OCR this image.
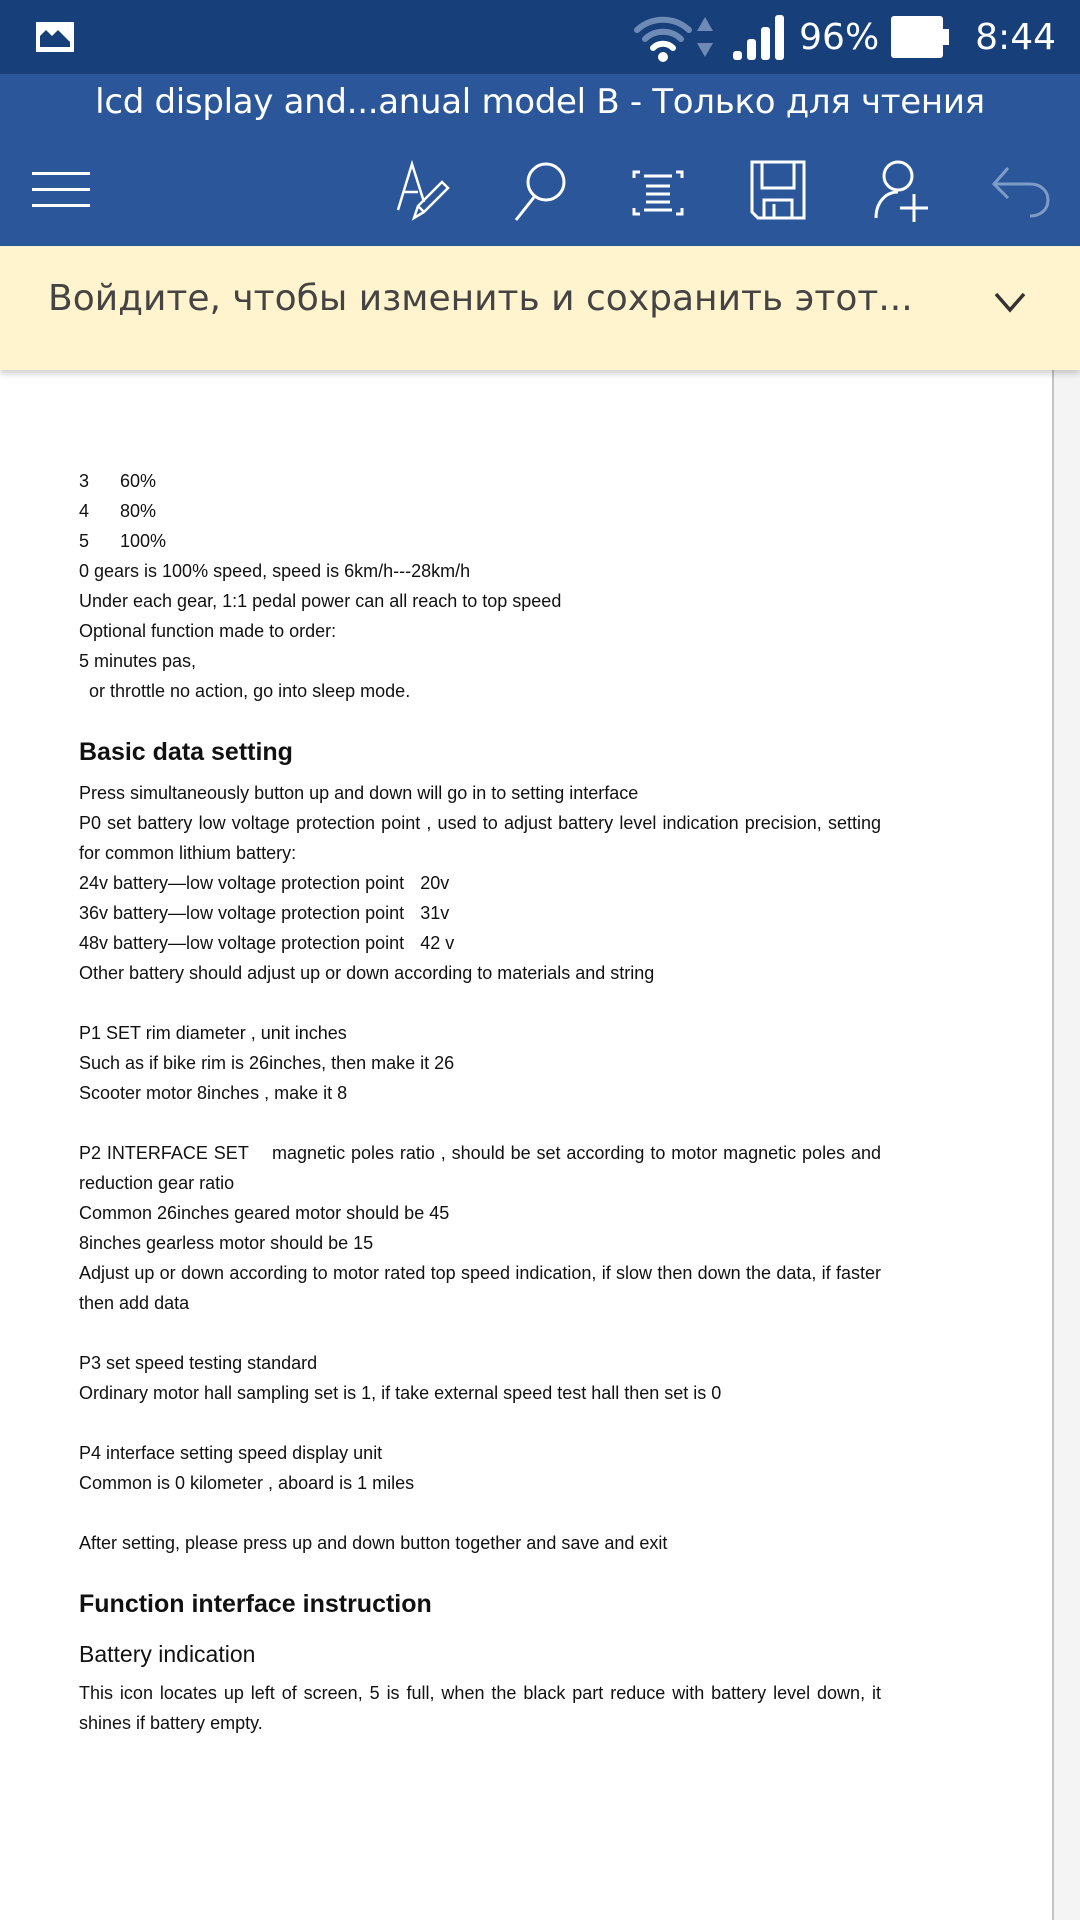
96%	8:44
lcd display and...anual model B - Только для чтения
Войдите, чтобы изменить и сохранить этот...
3	60%
4	80%
5	100%

0 gears is 100% speed, speed is 6km/h---28km/h

Under each gear, 1:1 pedal power can all reach to top speed

Optional function made to order:

5 minutes pas,

or throttle no action, go into sleep mode.

Basic data setting

Press simultaneously button up and down will go in to setting interface

P0 set battery low voltage protection point , used to adjust battery level indication precision, setting for common lithium battery:

24v battery—low voltage protection point 20v
36v battery—low voltage protection point 31v
48v battery—low voltage protection point 42 v

Other battery should adjust up or down according to materials and string

P1 SET rim diameter , unit inches

Such as if bike rim is 26inches, then make it 26

Scooter motor 8inches , make it 8

P2 INTERFACE SET    magnetic poles ratio , should be set according to motor magnetic poles and reduction gear ratio

Common 26inches geared motor should be 45

8inches gearless motor should be 15

Adjust up or down according to motor rated top speed indication, if slow then down the data, if faster then add data

P3 set speed testing standard

Ordinary motor hall sampling set is 1, if take external speed test hall then set is 0

P4 interface setting speed display unit

Common is 0 kilometer , aboard is 1 miles

After setting, please press up and down button together and save and exit

Function interface instruction
Battery indication

This icon locates up left of screen, 5 is full, when the black part reduce with battery level down, it shines if battery empty.
